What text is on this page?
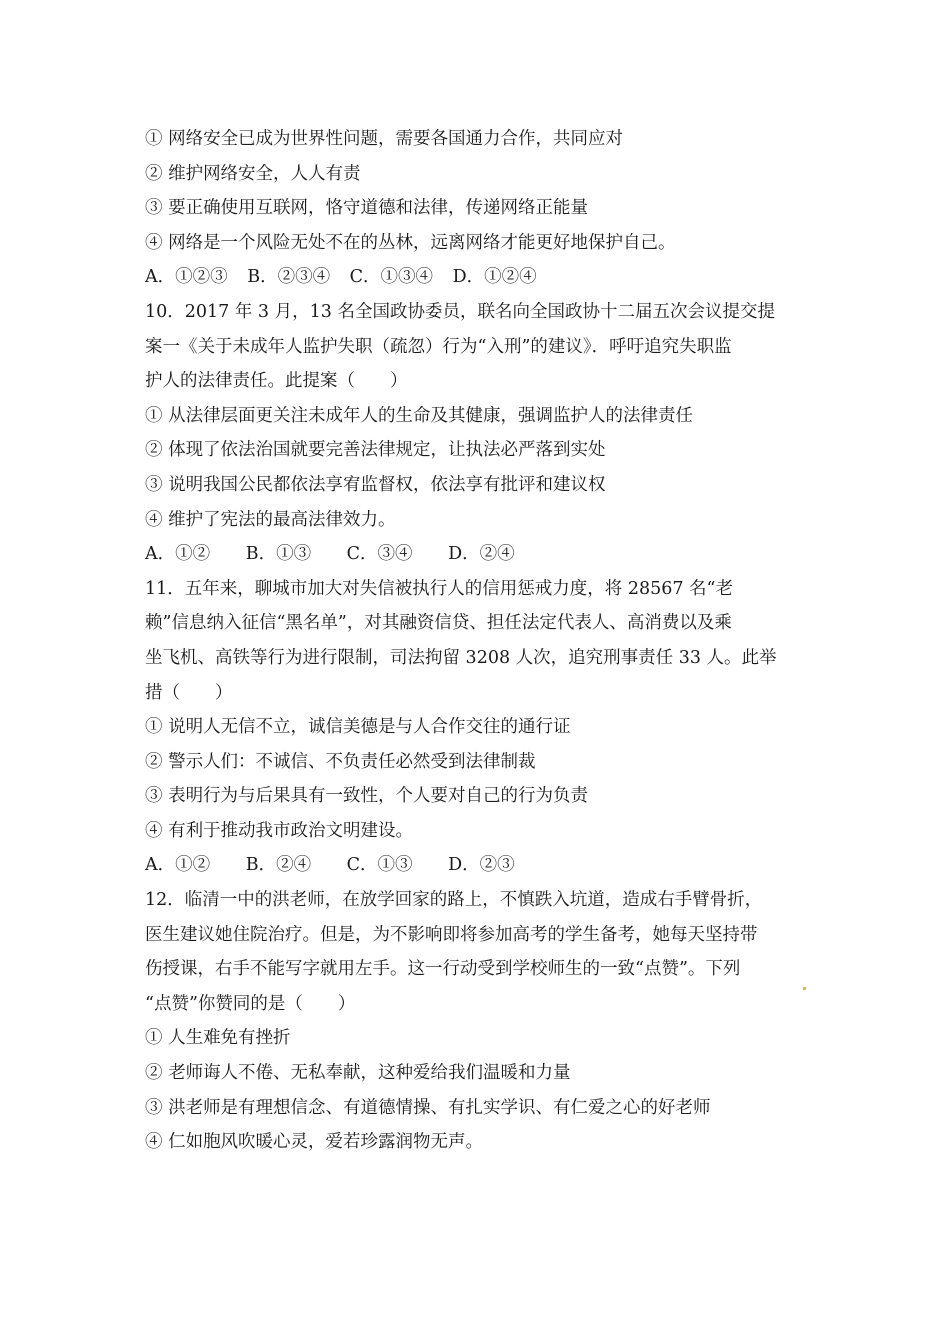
① 网络安全已成为世界性问题，需要各国通力合作，共同应对
② 维护网络安全，人人有责
③ 要正确使用互联网，恪守道德和法律，传递网络正能量
④ 网络是一个风险无处不在的丛林，远离网络才能更好地保护自己。
A．①②③ B．②③④ C．①③④ D．①②④
10．2017 年 3 月，13 名全国政协委员，联名向全国政协十二届五次会议提交提
案一《关于未成年人监护失职（疏忽）行为“入刑”的建议》．呼吁追究失职监
护人的法律责任。此提案（　　）
① 从法律层面更关注未成年人的生命及其健康，强调监护人的法律责任
② 体现了依法治国就要完善法律规定，让执法必严落到实处
③ 说明我国公民都依法享宥监督权，依法享有批评和建议权
④ 维护了宪法的最高法律效力。
A．①② B．①③ C．③④ D．②④
11．五年来，聊城市加大对失信被执行人的信用惩戒力度，将 28567 名“老
赖”信息纳入征信“黑名单”，对其融资信贷、担任法定代表人、高消费以及乘
坐飞机、高铁等行为进行限制，司法拘留 3208 人次，追究刑事责任 33 人。此举
措（　　）
① 说明人无信不立，诚信美德是与人合作交往的通行证
② 警示人们：不诚信、不负责任必然受到法律制裁
③ 表明行为与后果具有一致性，个人要对自己的行为负责
④ 有利于推动我市政治文明建设。
A．①② B．②④ C．①③ D．②③
12．临清一中的洪老师，在放学回家的路上，不慎跌入坑道，造成右手臂骨折，
医生建议她住院治疗。但是，为不影响即将参加高考的学生备考，她每天坚持带
伤授课，右手不能写字就用左手。这一行动受到学校师生的一致“点赞”。下列
“点赞”你赞同的是（　　）
① 人生难免有挫折
② 老师诲人不倦、无私奉献，这种爱给我们温暖和力量
③ 洪老师是有理想信念、有道德情操、有扎实学识、有仁爱之心的好老师
④ 仁如胞风吹暖心灵，爱若珍露润物无声。
